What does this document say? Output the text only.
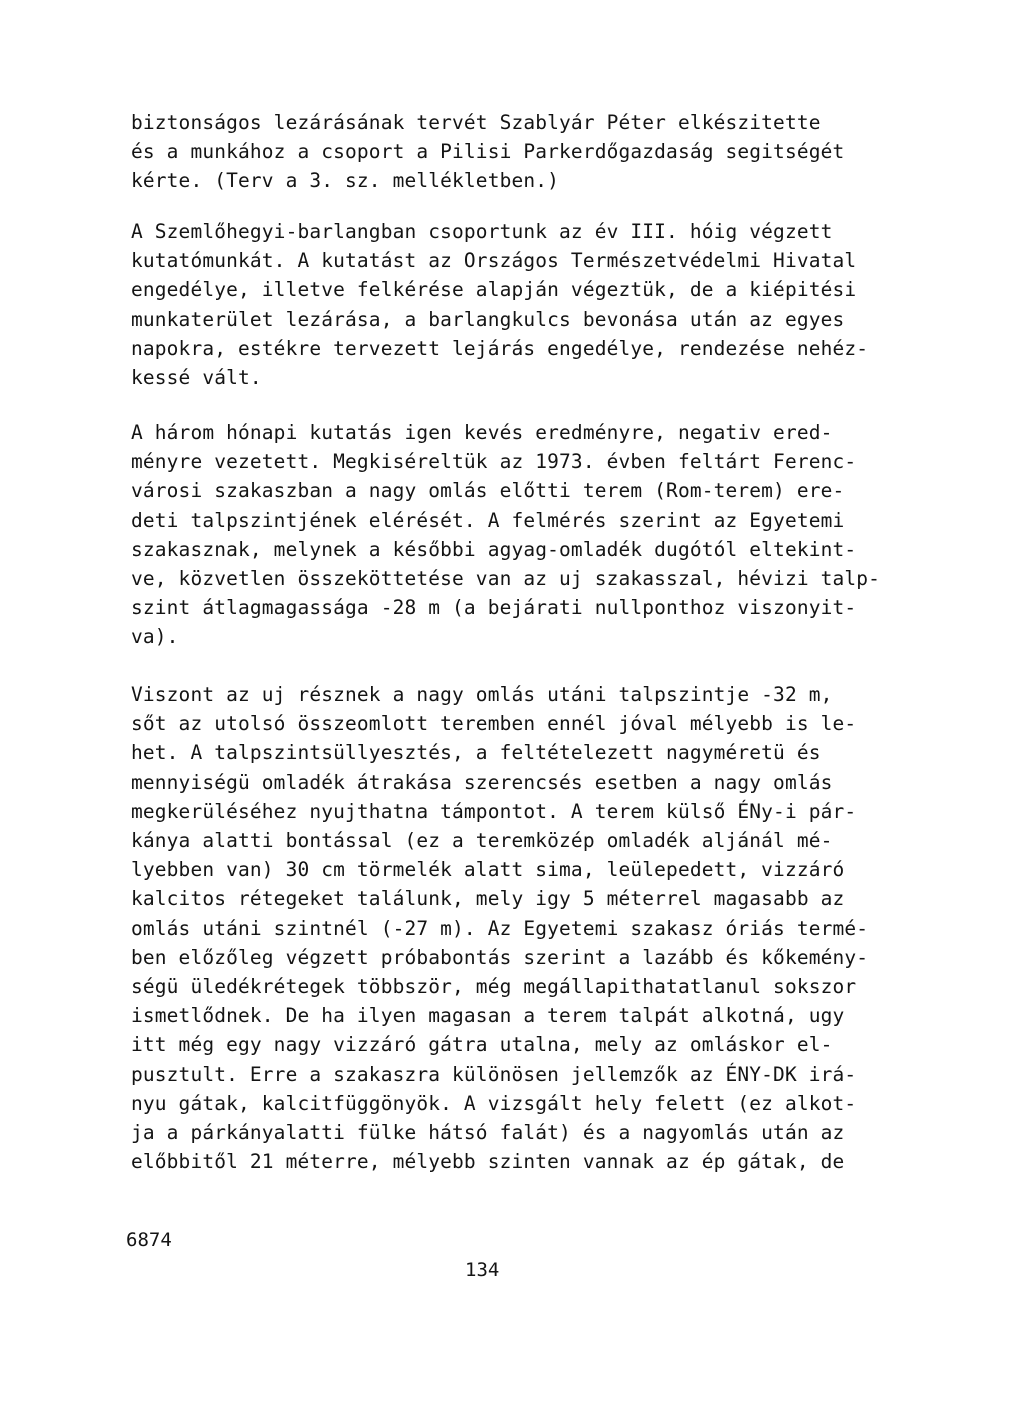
biztonságos lezárásának tervét Szablyár Péter elkészitette
és a munkához a csoport a Pilisi Parkerdőgazdaság segitségét
kérte. (Terv a 3. sz. mellékletben.)
A Szemlőhegyi-barlangban csoportunk az év III. hóig végzett
kutatómunkát. A kutatást az Országos Természetvédelmi Hivatal
engedélye, illetve felkérése alapján végeztük, de a kiépitési
munkaterület lezárása, a barlangkulcs bevonása után az egyes
napokra, estékre tervezett lejárás engedélye, rendezése nehéz-
kessé vált.
A három hónapi kutatás igen kevés eredményre, negativ ered-
ményre vezetett. Megkiséreltük az 1973. évben feltárt Ferenc-
városi szakaszban a nagy omlás előtti terem (Rom-terem) ere-
deti talpszintjének elérését. A felmérés szerint az Egyetemi
szakasznak, melynek a későbbi agyag-omladék dugótól eltekint-
ve, közvetlen összeköttetése van az uj szakasszal, hévizi talp-
szint átlagmagassága -28 m (a bejárati nullponthoz viszonyit-
va).
Viszont az uj résznek a nagy omlás utáni talpszintje -32 m,
sőt az utolsó összeomlott teremben ennél jóval mélyebb is le-
het. A talpszintsüllyesztés, a feltételezett nagyméretü és
mennyiségü omladék átrakása szerencsés esetben a nagy omlás
megkerüléséhez nyujthatna támpontot. A terem külső ÉNy-i pár-
kánya alatti bontással (ez a teremközép omladék aljánál mé-
lyebben van) 30 cm törmelék alatt sima, leülepedett, vizzáró
kalcitos rétegeket találunk, mely igy 5 méterrel magasabb az
omlás utáni szintnél (-27 m). Az Egyetemi szakasz óriás termé-
ben előzőleg végzett próbabontás szerint a lazább és kőkemény-
ségü üledékrétegek többször, még megállapithatatlanul sokszor
ismetlődnek. De ha ilyen magasan a terem talpát alkotná, ugy
itt még egy nagy vizzáró gátra utalna, mely az omláskor el-
pusztult. Erre a szakaszra különösen jellemzők az ÉNY-DK irá-
nyu gátak, kalcitfüggönyök. A vizsgált hely felett (ez alkot-
ja a párkányalatti fülke hátsó falát) és a nagyomlás után az
előbbitől 21 méterre, mélyebb szinten vannak az ép gátak, de
6874
134
